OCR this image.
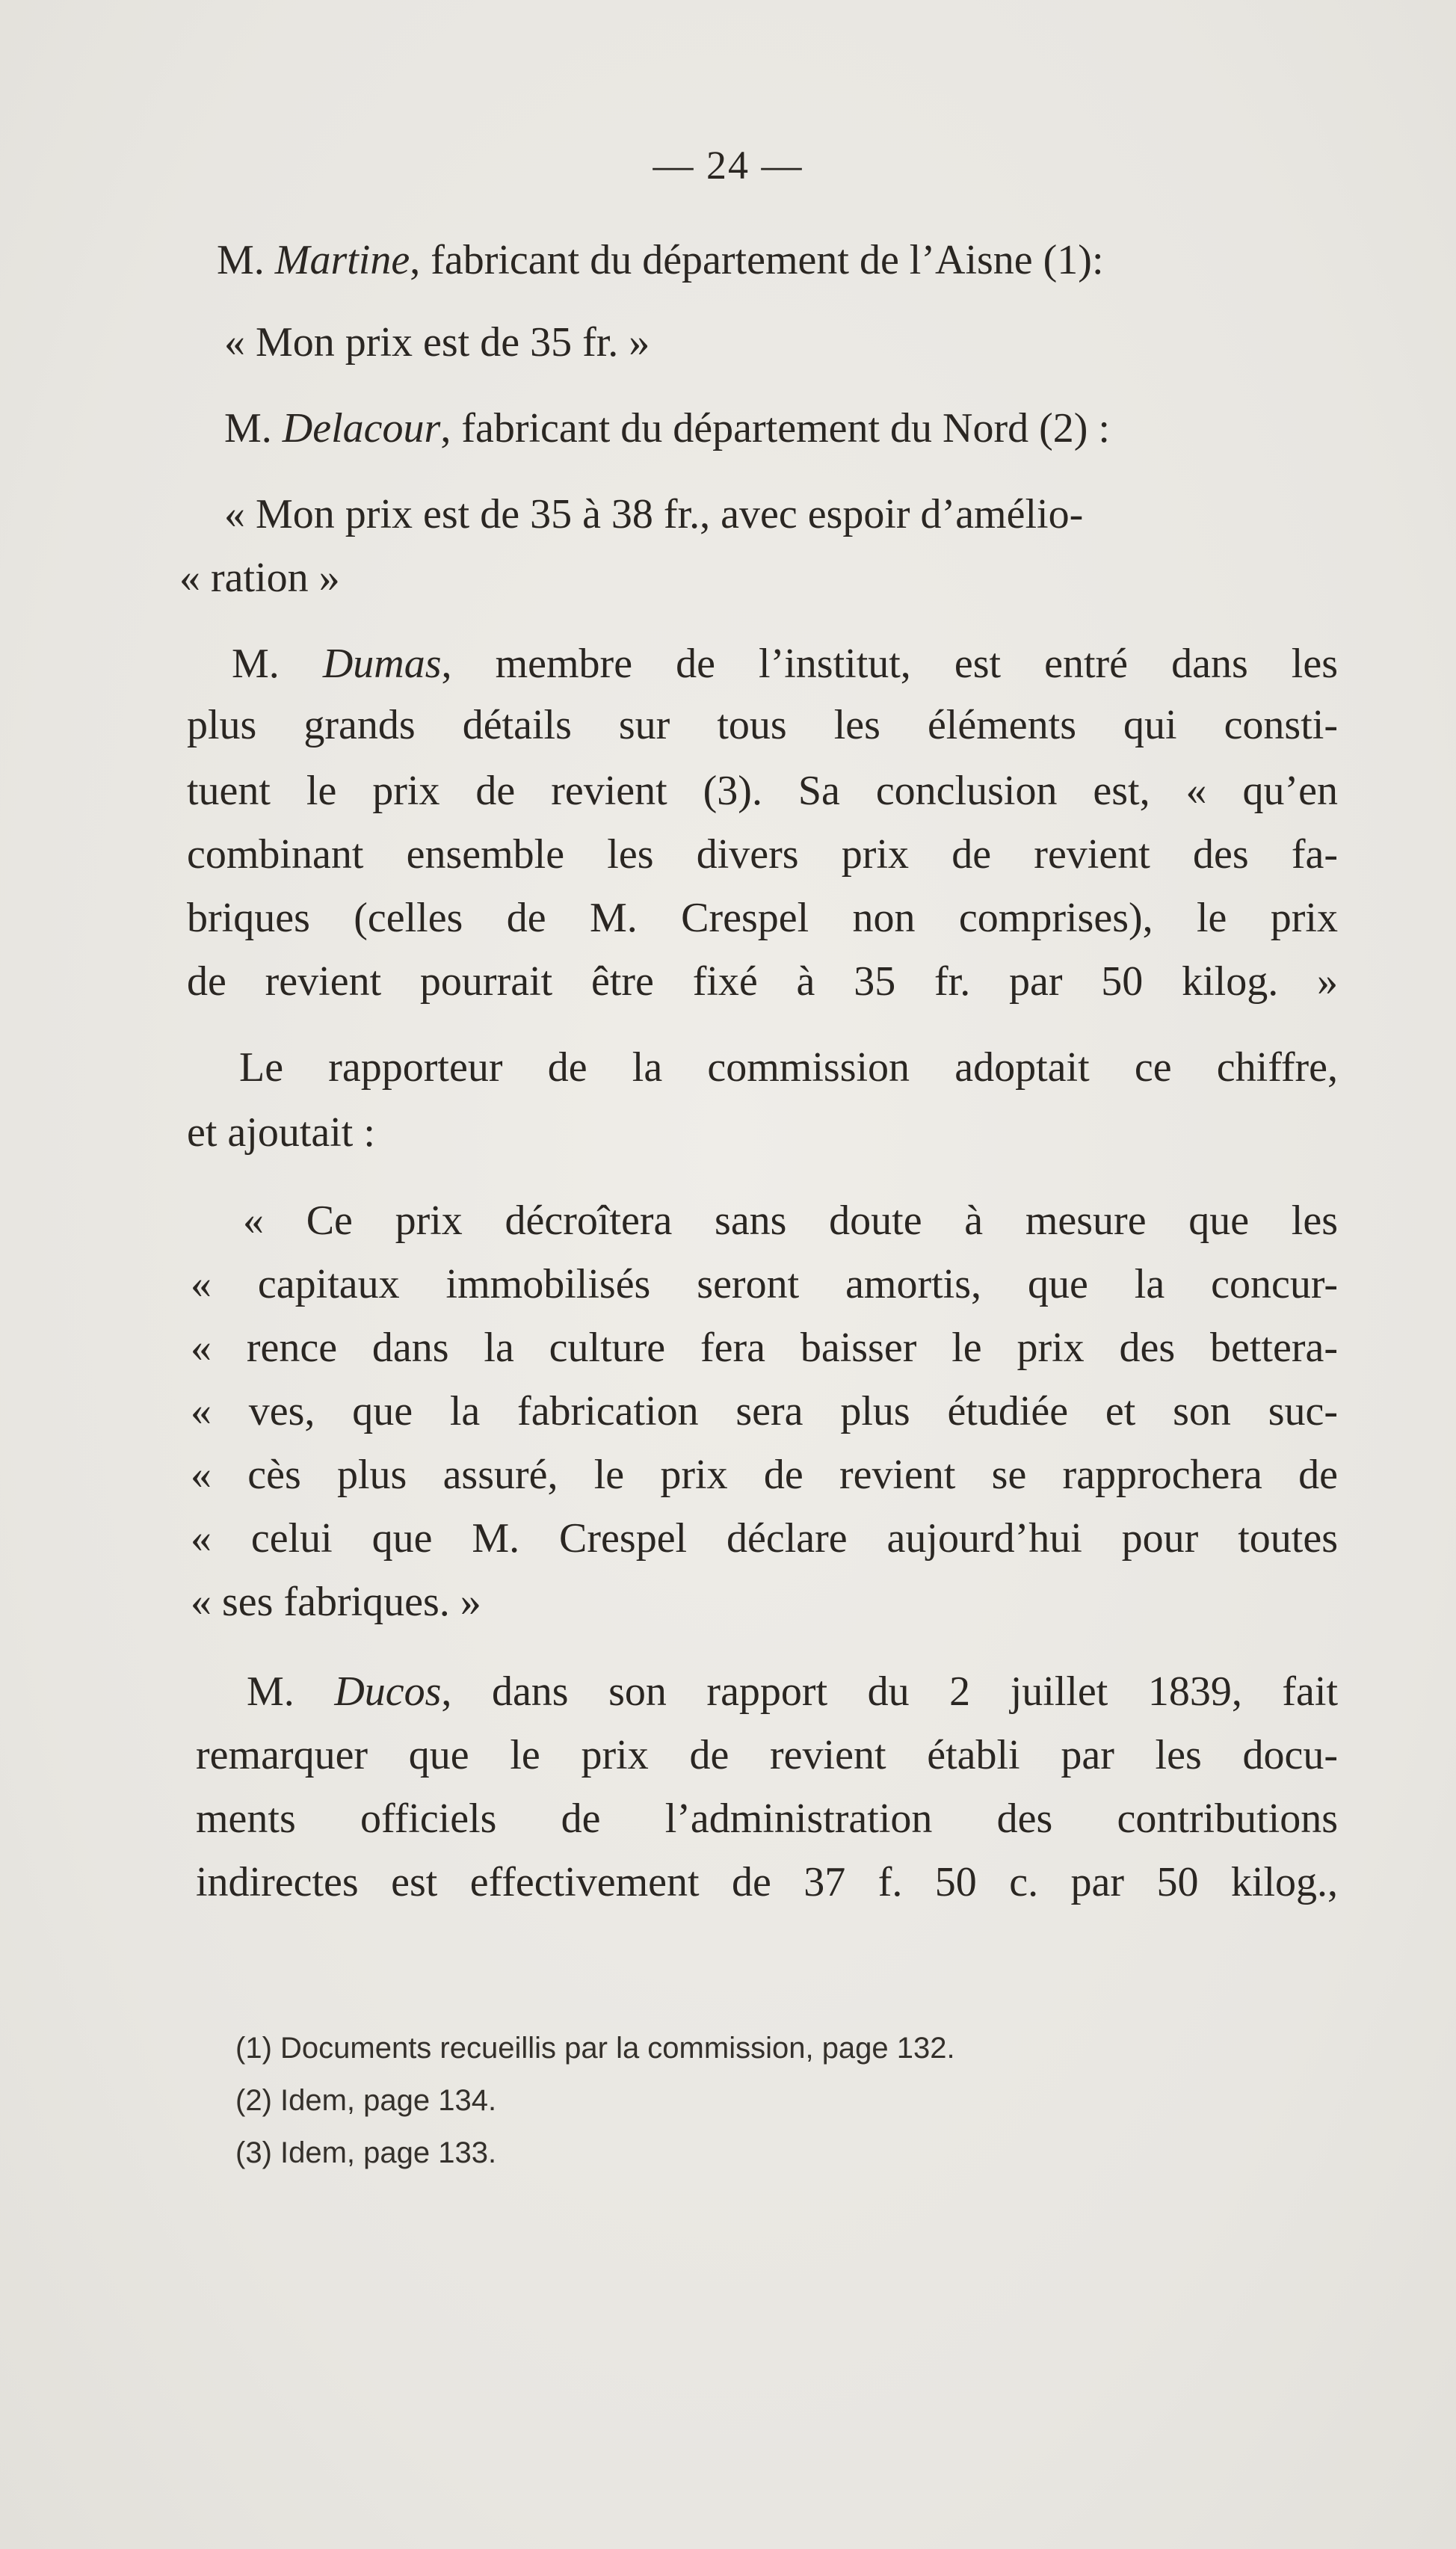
— 24 —
M. Martine, fabricant du département de l’Aisne (1):
« Mon prix est de 35 fr. »
M. Delacour, fabricant du département du Nord (2) :
« Mon prix est de 35 à 38 fr., avec espoir d’amélio-
« ration »
M. Dumas, membre de l’institut, est entré dans les
plus grands détails sur tous les éléments qui consti-
tuent le prix de revient (3). Sa conclusion est, « qu’en
combinant ensemble les divers prix de revient des fa-
briques (celles de M. Crespel non comprises), le prix
de revient pourrait être fixé à 35 fr. par 50 kilog. »
Le rapporteur de la commission adoptait ce chiffre,
et ajoutait :
« Ce prix décroîtera sans doute à mesure que les
« capitaux immobilisés seront amortis, que la concur-
« rence dans la culture fera baisser le prix des bettera-
« ves, que la fabrication sera plus étudiée et son suc-
« cès plus assuré, le prix de revient se rapprochera de
« celui que M. Crespel déclare aujourd’hui pour toutes
« ses fabriques. »
M. Ducos, dans son rapport du 2 juillet 1839, fait
remarquer que le prix de revient établi par les docu-
ments officiels de l’administration des contributions
indirectes est effectivement de 37 f. 50 c. par 50 kilog.,
(1) Documents recueillis par la commission, page 132.
(2) Idem, page 134.
(3) Idem, page 133.
